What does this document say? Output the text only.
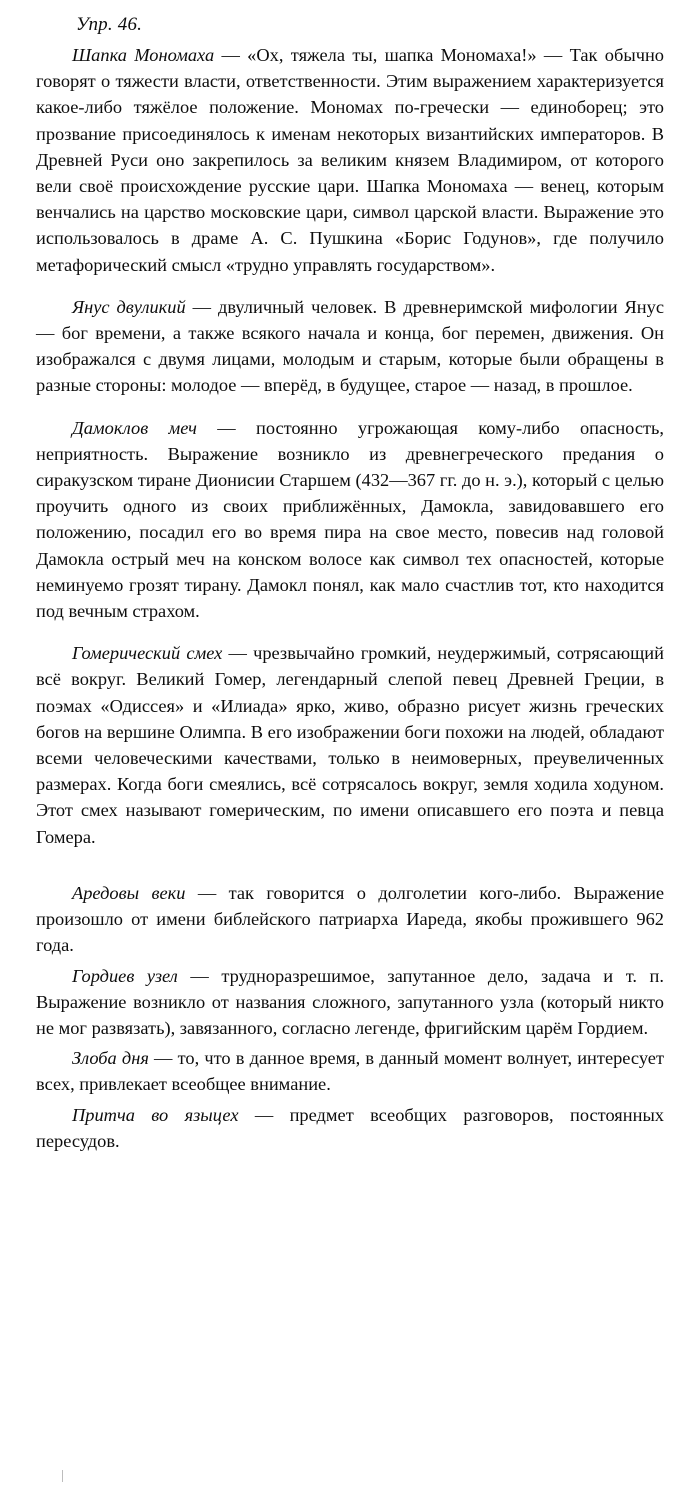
Упр. 46.

Шапка Мономаха — «Ох, тяжела ты, шапка Мономаха!» — Так обычно говорят о тяжести власти, ответственности. Этим выражением характеризуется какое-либо тяжёлое положение. Мономах по-гречески — единоборец; это прозвание присоединялось к именам некоторых византийских императоров. В Древней Руси оно закрепилось за великим князем Владимиром, от которого вели своё происхождение русские цари. Шапка Мономаха — венец, которым венчались на царство московские цари, символ царской власти. Выражение это использовалось в драме А. С. Пушкина «Борис Годунов», где получило метафорический смысл «трудно управлять государством».

Янус двуликий — двуличный человек. В древнеримской мифологии Янус — бог времени, а также всякого начала и конца, бог перемен, движения. Он изображался с двумя лицами, молодым и старым, которые были обращены в разные стороны: молодое — вперёд, в будущее, старое — назад, в прошлое.

Дамоклов меч — постоянно угрожающая кому-либо опасность, неприятность. Выражение возникло из древнегреческого предания о сиракузском тиране Дионисии Старшем (432—367 гг. до н. э.), который с целью проучить одного из своих приближённых, Дамокла, завидовавшего его положению, посадил его во время пира на свое место, повесив над головой Дамокла острый меч на конском волосе как символ тех опасностей, которые неминуемо грозят тирану. Дамокл понял, как мало счастлив тот, кто находится под вечным страхом.

Гомерический смех — чрезвычайно громкий, неудержимый, сотрясающий всё вокруг. Великий Гомер, легендарный слепой певец Древней Греции, в поэмах «Одиссея» и «Илиада» ярко, живо, образно рисует жизнь греческих богов на вершине Олимпа. В его изображении боги похожи на людей, обладают всеми человеческими качествами, только в неимоверных, преувеличенных размерах. Когда боги смеялись, всё сотрясалось вокруг, земля ходила ходуном. Этот смех называют гомерическим, по имени описавшего его поэта и певца Гомера.

Аредовы веки — так говорится о долголетии кого-либо. Выражение произошло от имени библейского патриарха Иареда, якобы прожившего 962 года.

Гордиев узел — трудноразрешимое, запутанное дело, задача и т. п. Выражение возникло от названия сложного, запутанного узла (который никто не мог развязать), завязанного, согласно легенде, фригийским царём Гордием.

Злоба дня — то, что в данное время, в данный момент волнует, интересует всех, привлекает всеобщее внимание.

Притча во языцех — предмет всеобщих разговоров, постоянных пересудов.
